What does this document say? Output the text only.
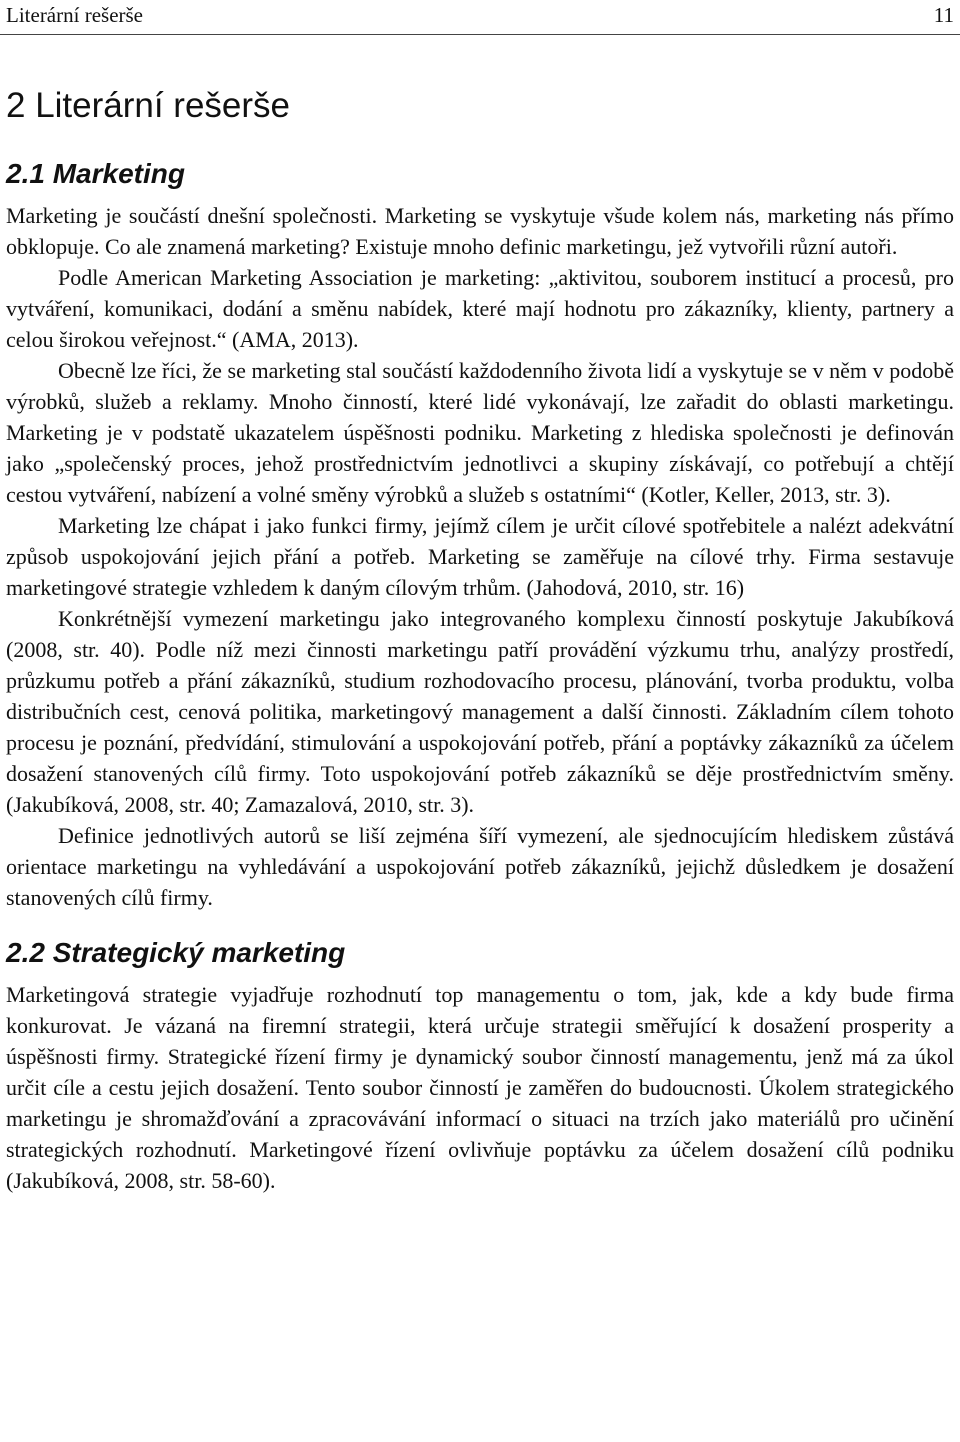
Literární rešerše	11
2 Literární rešerše
2.1 Marketing

Marketing je součástí dnešní společnosti. Marketing se vyskytuje všude kolem nás, marketing nás přímo obklopuje. Co ale znamená marketing? Existuje mnoho definic marketingu, jež vytvořili různí autoři.

Podle American Marketing Association je marketing: „aktivitou, souborem institucí a procesů, pro vytváření, komunikaci, dodání a směnu nabídek, které mají hodnotu pro zákazníky, klienty, partnery a celou širokou veřejnost.“ (AMA, 2013).

Obecně lze říci, že se marketing stal součástí každodenního života lidí a vyskytuje se v něm v podobě výrobků, služeb a reklamy. Mnoho činností, které lidé vykonávají, lze zařadit do oblasti marketingu. Marketing je v podstatě ukazatelem úspěšnosti podniku. Marketing z hlediska společnosti je definován jako „společenský proces, jehož prostřednictvím jednotlivci a skupiny získávají, co potřebují a chtějí cestou vytváření, nabízení a volné směny výrobků a služeb s ostatními“ (Kotler, Keller, 2013, str. 3).

Marketing lze chápat i jako funkci firmy, jejímž cílem je určit cílové spotřebitele a nalézt adekvátní způsob uspokojování jejich přání a potřeb. Marketing se zaměřuje na cílové trhy. Firma sestavuje marketingové strategie vzhledem k daným cílovým trhům. (Jahodová, 2010, str. 16)

Konkrétnější vymezení marketingu jako integrovaného komplexu činností poskytuje Jakubíková (2008, str. 40). Podle níž mezi činnosti marketingu patří provádění výzkumu trhu, analýzy prostředí, průzkumu potřeb a přání zákazníků, studium rozhodovacího procesu, plánování, tvorba produktu, volba distribučních cest, cenová politika, marketingový management a další činnosti. Základním cílem tohoto procesu je poznání, předvídání, stimulování a uspokojování potřeb, přání a poptávky zákazníků za účelem dosažení stanovených cílů firmy. Toto uspokojování potřeb zákazníků se děje prostřednictvím směny. (Jakubíková, 2008, str. 40; Zamazalová, 2010, str. 3).

Definice jednotlivých autorů se liší zejména šíří vymezení, ale sjednocujícím hlediskem zůstává orientace marketingu na vyhledávání a uspokojování potřeb zákazníků, jejichž důsledkem je dosažení stanovených cílů firmy.

2.2 Strategický marketing

Marketingová strategie vyjadřuje rozhodnutí top managementu o tom, jak, kde a kdy bude firma konkurovat. Je vázaná na firemní strategii, která určuje strategii směřující k dosažení prosperity a úspěšnosti firmy. Strategické řízení firmy je dynamický soubor činností managementu, jenž má za úkol určit cíle a cestu jejich dosažení. Tento soubor činností je zaměřen do budoucnosti. Úkolem strategického marketingu je shromažďování a zpracovávání informací o situaci na trzích jako materiálů pro učinění strategických rozhodnutí. Marketingové řízení ovlivňuje poptávku za účelem dosažení cílů podniku (Jakubíková, 2008, str. 58-60).
